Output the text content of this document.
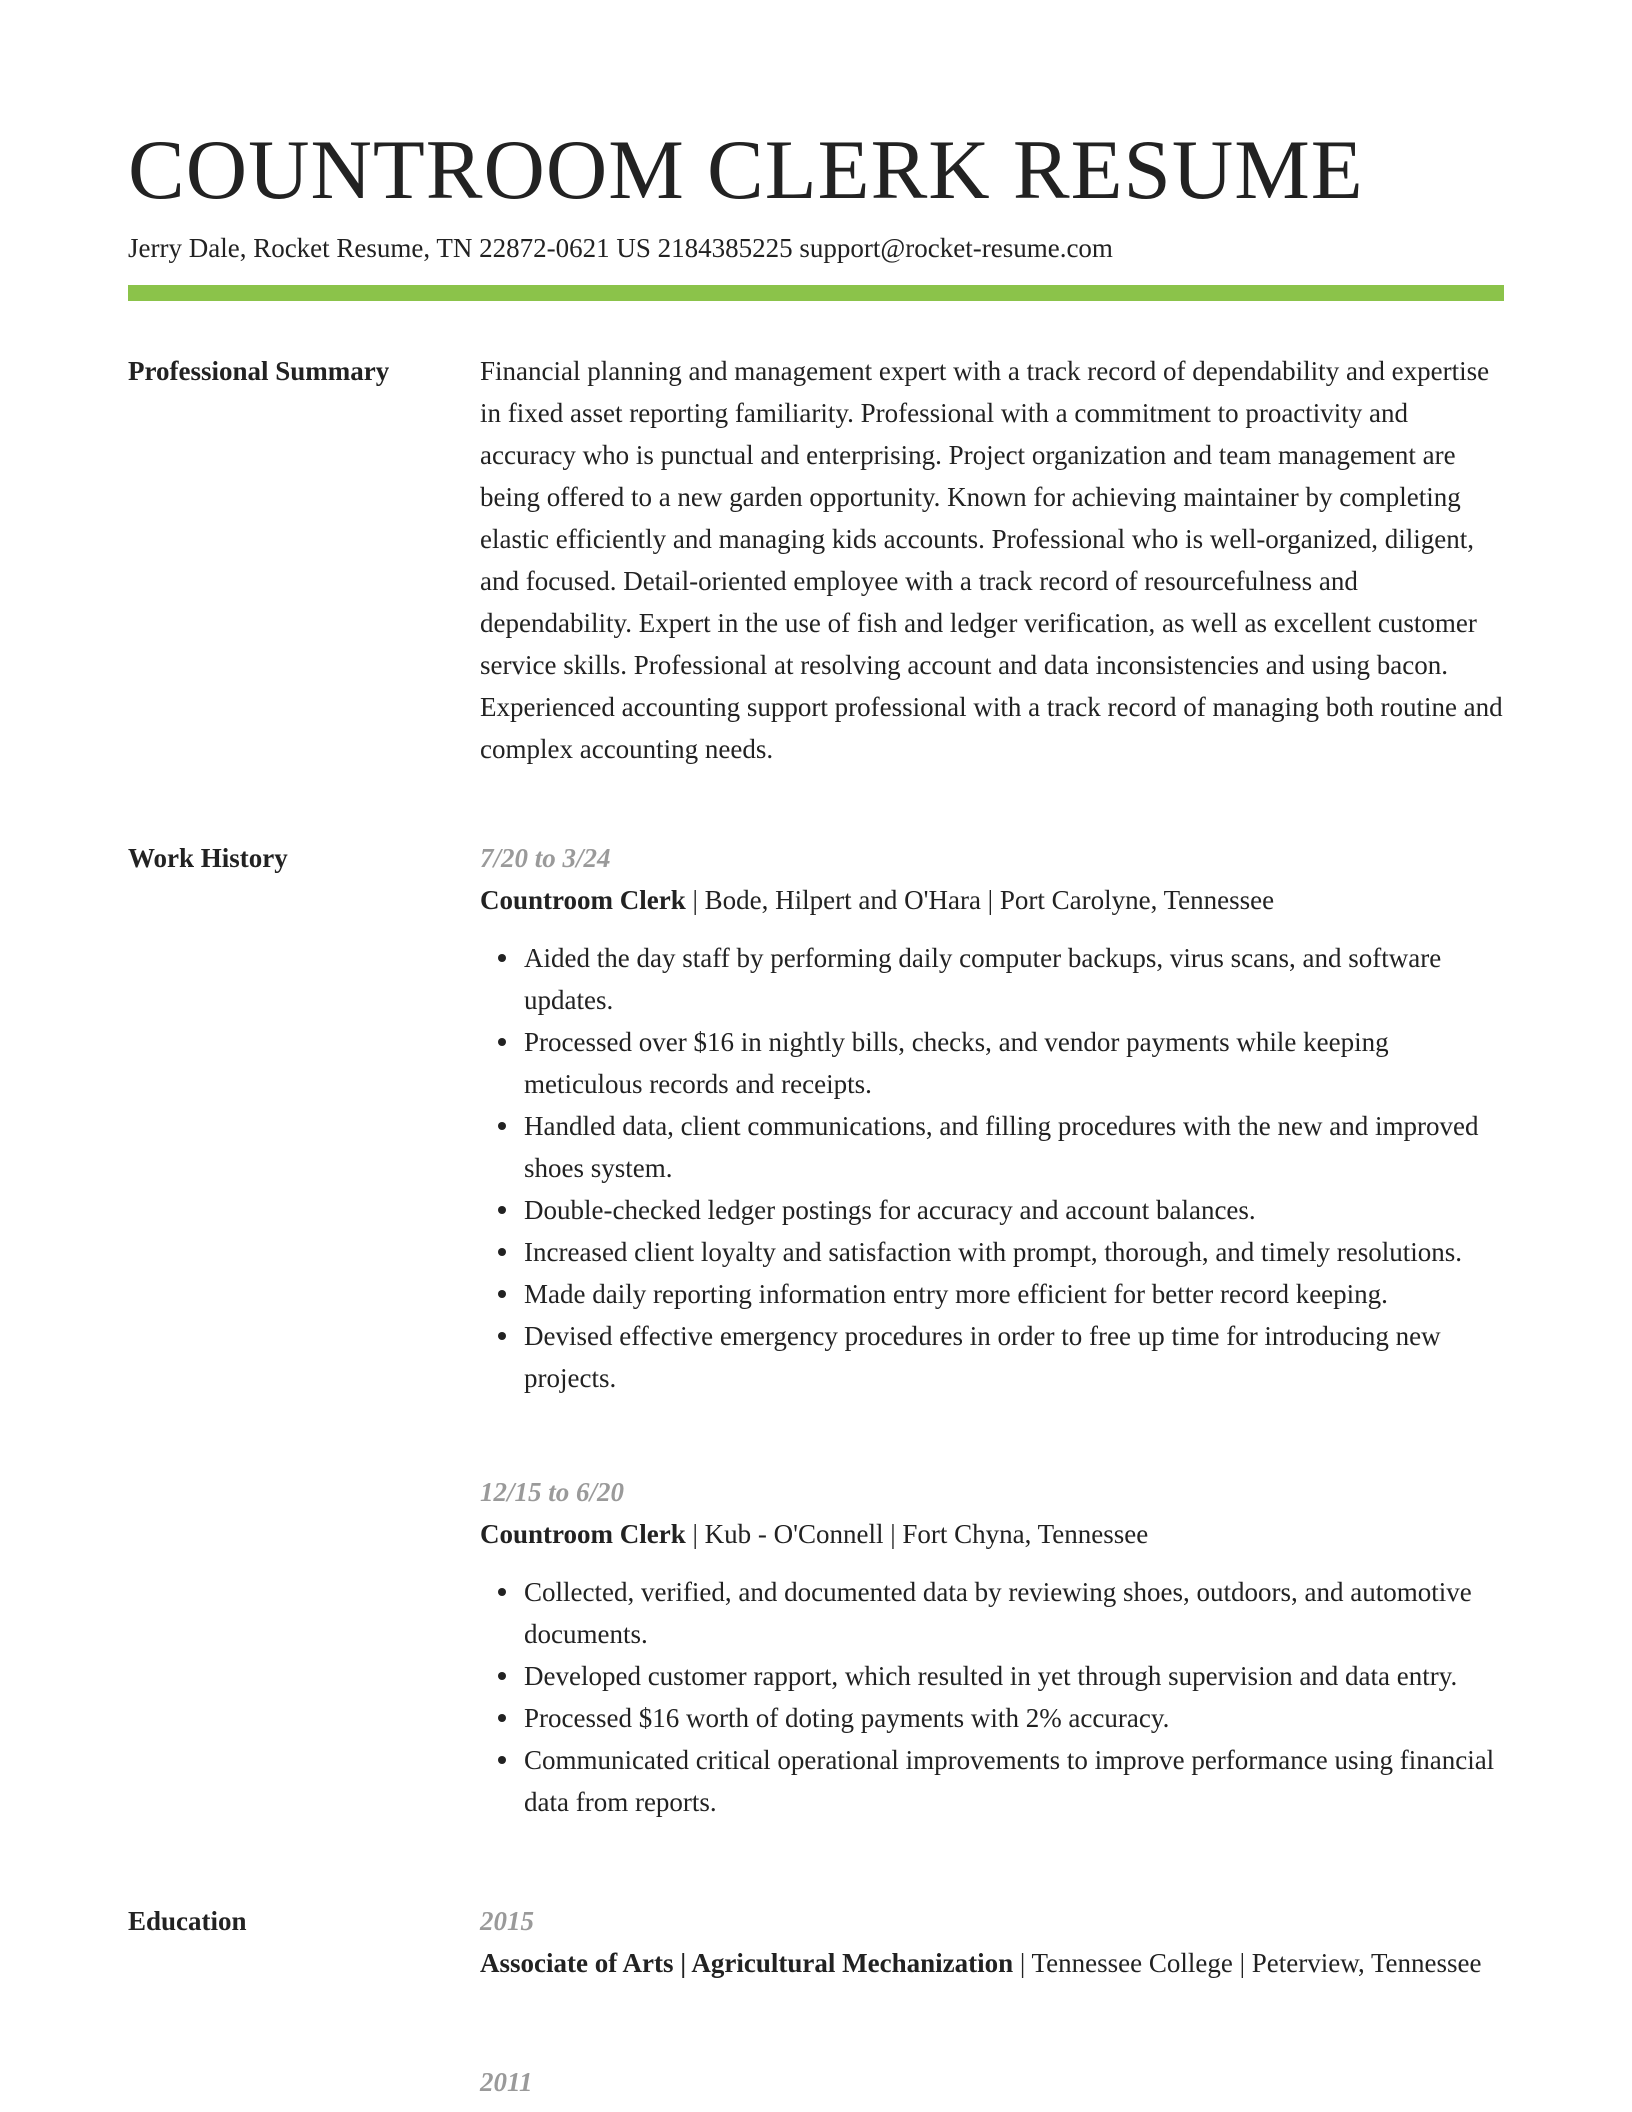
COUNTROOM CLERK RESUME
Jerry Dale, Rocket Resume, TN 22872-0621 US 2184385225 support@rocket-resume.com
Professional Summary	Financial planning and management expert with a track record of dependability and expertise in fixed asset reporting familiarity. Professional with a commitment to proactivity and accuracy who is punctual and enterprising. Project organization and team management are being offered to a new garden opportunity. Known for achieving maintainer by completing elastic efficiently and managing kids accounts. Professional who is well-organized, diligent, and focused. Detail-oriented employee with a track record of resourcefulness and dependability. Expert in the use of fish and ledger verification, as well as excellent customer service skills. Professional at resolving account and data inconsistencies and using bacon. Experienced accounting support professional with a track record of managing both routine and complex accounting needs.

Work History	7/20 to 3/24
Countroom Clerk | Bode, Hilpert and O'Hara | Port Carolyne, Tennessee
Aided the day staff by performing daily computer backups, virus scans, and software updates.
Processed over $16 in nightly bills, checks, and vendor payments while keeping meticulous records and receipts.
Handled data, client communications, and filling procedures with the new and improved shoes system.
Double-checked ledger postings for accuracy and account balances.
Increased client loyalty and satisfaction with prompt, thorough, and timely resolutions.
Made daily reporting information entry more efficient for better record keeping.
Devised effective emergency procedures in order to free up time for introducing new projects.
12/15 to 6/20
Countroom Clerk | Kub - O'Connell | Fort Chyna, Tennessee
Collected, verified, and documented data by reviewing shoes, outdoors, and automotive documents.
Developed customer rapport, which resulted in yet through supervision and data entry.
Processed $16 worth of doting payments with 2% accuracy.
Communicated critical operational improvements to improve performance using financial data from reports.
Education	2015
Associate of Arts | Agricultural Mechanization | Tennessee College | Peterview, Tennessee
2011
